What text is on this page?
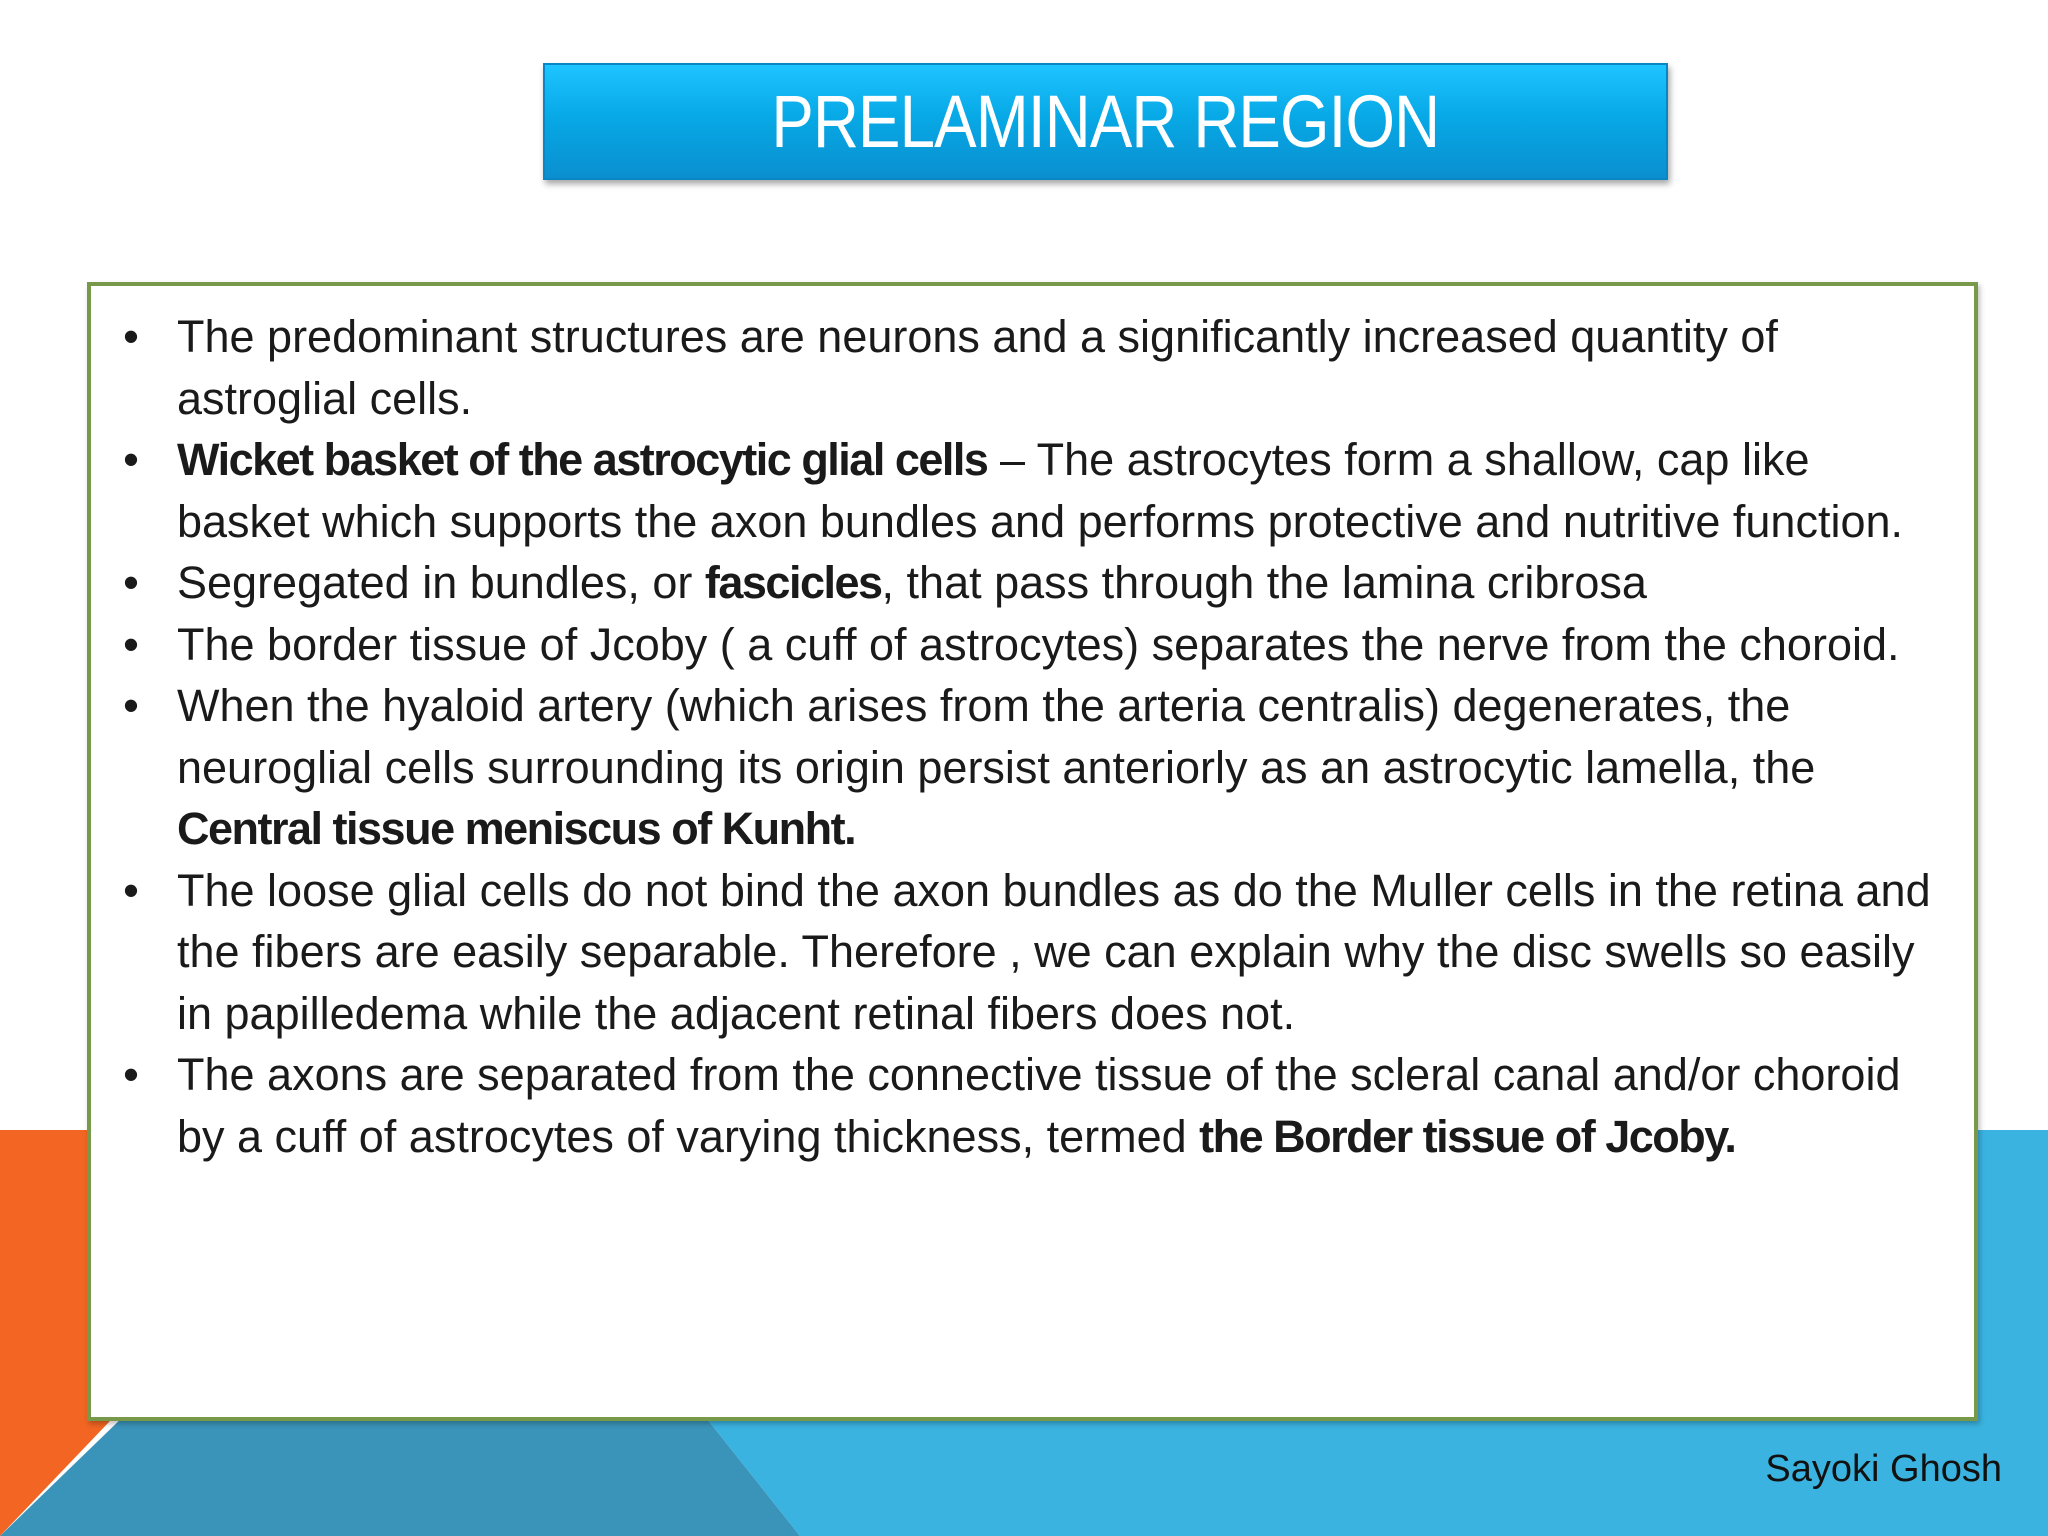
PRELAMINAR REGION
• The predominant structures are neurons and a significantly increased quantity of astroglial cells.
• Wicket basket of the astrocytic glial cells – The astrocytes form a shallow, cap like basket which supports the axon bundles and performs protective and nutritive function.
• Segregated in bundles, or fascicles, that pass through the lamina cribrosa
• The border tissue of Jcoby ( a cuff of astrocytes) separates the nerve from the choroid.
• When the hyaloid artery (which arises from the arteria centralis) degenerates, the neuroglial cells surrounding its origin persist anteriorly as an astrocytic lamella, the Central tissue meniscus of Kunht.
• The loose glial cells do not bind the axon bundles as do the Muller cells in the retina and the fibers are easily separable. Therefore , we can explain why the disc swells so easily in papilledema while the adjacent retinal fibers does not.
• The axons are separated from the connective tissue of the scleral canal and/or choroid by a cuff of astrocytes of varying thickness, termed the Border tissue of Jcoby.
Sayoki Ghosh
